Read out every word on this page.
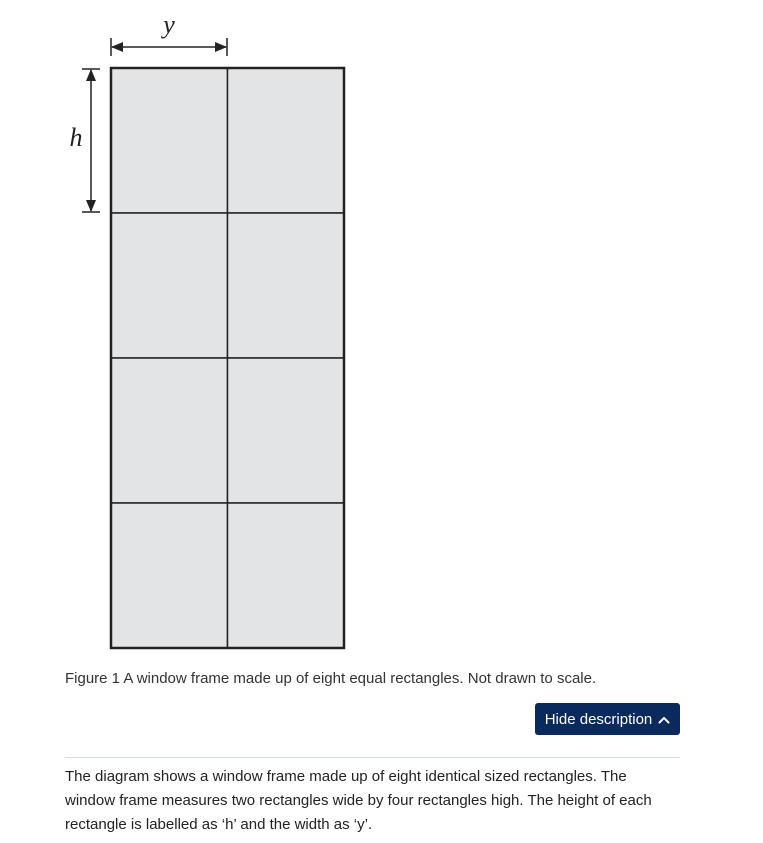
y
h
Figure 1 A window frame made up of eight equal rectangles. Not drawn to scale.
Hide description

The diagram shows a window frame made up of eight identical sized rectangles. The window frame measures two rectangles wide by four rectangles high. The height of each rectangle is labelled as ‘h’ and the width as ‘y’.
